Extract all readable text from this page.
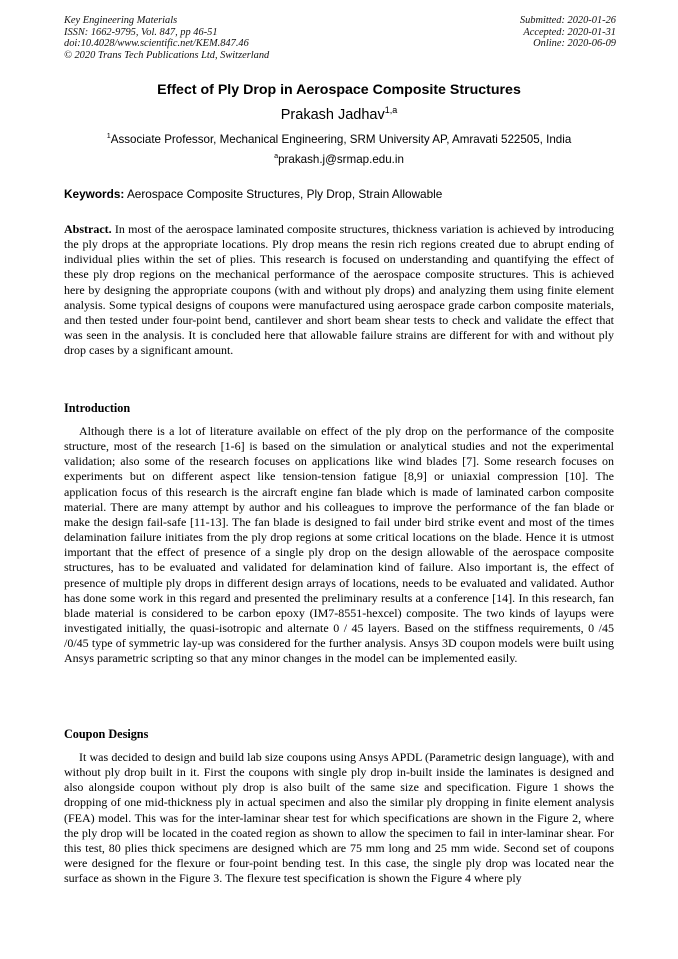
Key Engineering Materials
ISSN: 1662-9795, Vol. 847, pp 46-51
doi:10.4028/www.scientific.net/KEM.847.46
© 2020 Trans Tech Publications Ltd, Switzerland
Submitted: 2020-01-26
Accepted: 2020-01-31
Online: 2020-06-09
Effect of Ply Drop in Aerospace Composite Structures
Prakash Jadhav$^{1,a}$
$^1$Associate Professor, Mechanical Engineering, SRM University AP, Amravati 522505, India
$^a$prakash.j@srmap.edu.in
Keywords: Aerospace Composite Structures, Ply Drop, Strain Allowable

Abstract. In most of the aerospace laminated composite structures, thickness variation is achieved by introducing the ply drops at the appropriate locations. Ply drop means the resin rich regions created due to abrupt ending of individual plies within the set of plies. This research is focused on understanding and quantifying the effect of these ply drop regions on the mechanical performance of the aerospace composite structures. This is achieved here by designing the appropriate coupons (with and without ply drops) and analyzing them using finite element analysis. Some typical designs of coupons were manufactured using aerospace grade carbon composite materials, and then tested under four-point bend, cantilever and short beam shear tests to check and validate the effect that was seen in the analysis. It is concluded here that allowable failure strains are different for with and without ply drop cases by a significant amount.

Introduction

Although there is a lot of literature available on effect of the ply drop on the performance of the composite structure, most of the research [1-6] is based on the simulation or analytical studies and not the experimental validation; also some of the research focuses on applications like wind blades [7]. Some research focuses on experiments but on different aspect like tension-tension fatigue [8,9] or uniaxial compression [10]. The application focus of this research is the aircraft engine fan blade which is made of laminated carbon composite material. There are many attempt by author and his colleagues to improve the performance of the fan blade or make the design fail-safe [11-13]. The fan blade is designed to fail under bird strike event and most of the times delamination failure initiates from the ply drop regions at some critical locations on the blade. Hence it is utmost important that the effect of presence of a single ply drop on the design allowable of the aerospace composite structures, has to be evaluated and validated for delamination kind of failure. Also important is, the effect of presence of multiple ply drops in different design arrays of locations, needs to be evaluated and validated. Author has done some work in this regard and presented the preliminary results at a conference [14]. In this research, fan blade material is considered to be carbon epoxy (IM7-8551-hexcel) composite. The two kinds of layups were investigated initially, the quasi-isotropic and alternate 0 / 45 layers. Based on the stiffness requirements, 0 /45 /0/45 type of symmetric lay-up was considered for the further analysis. Ansys 3D coupon models were built using Ansys parametric scripting so that any minor changes in the model can be implemented easily.

Coupon Designs

It was decided to design and build lab size coupons using Ansys APDL (Parametric design language), with and without ply drop built in it. First the coupons with single ply drop in-built inside the laminates is designed and also alongside coupon without ply drop is also built of the same size and specification. Figure 1 shows the dropping of one mid-thickness ply in actual specimen and also the similar ply dropping in finite element analysis (FEA) model. This was for the inter-laminar shear test for which specifications are shown in the Figure 2, where the ply drop will be located in the coated region as shown to allow the specimen to fail in inter-laminar shear. For this test, 80 plies thick specimens are designed which are 75 mm long and 25 mm wide. Second set of coupons were designed for the flexure or four-point bending test. In this case, the single ply drop was located near the surface as shown in the Figure 3. The flexure test specification is shown the Figure 4 where ply
